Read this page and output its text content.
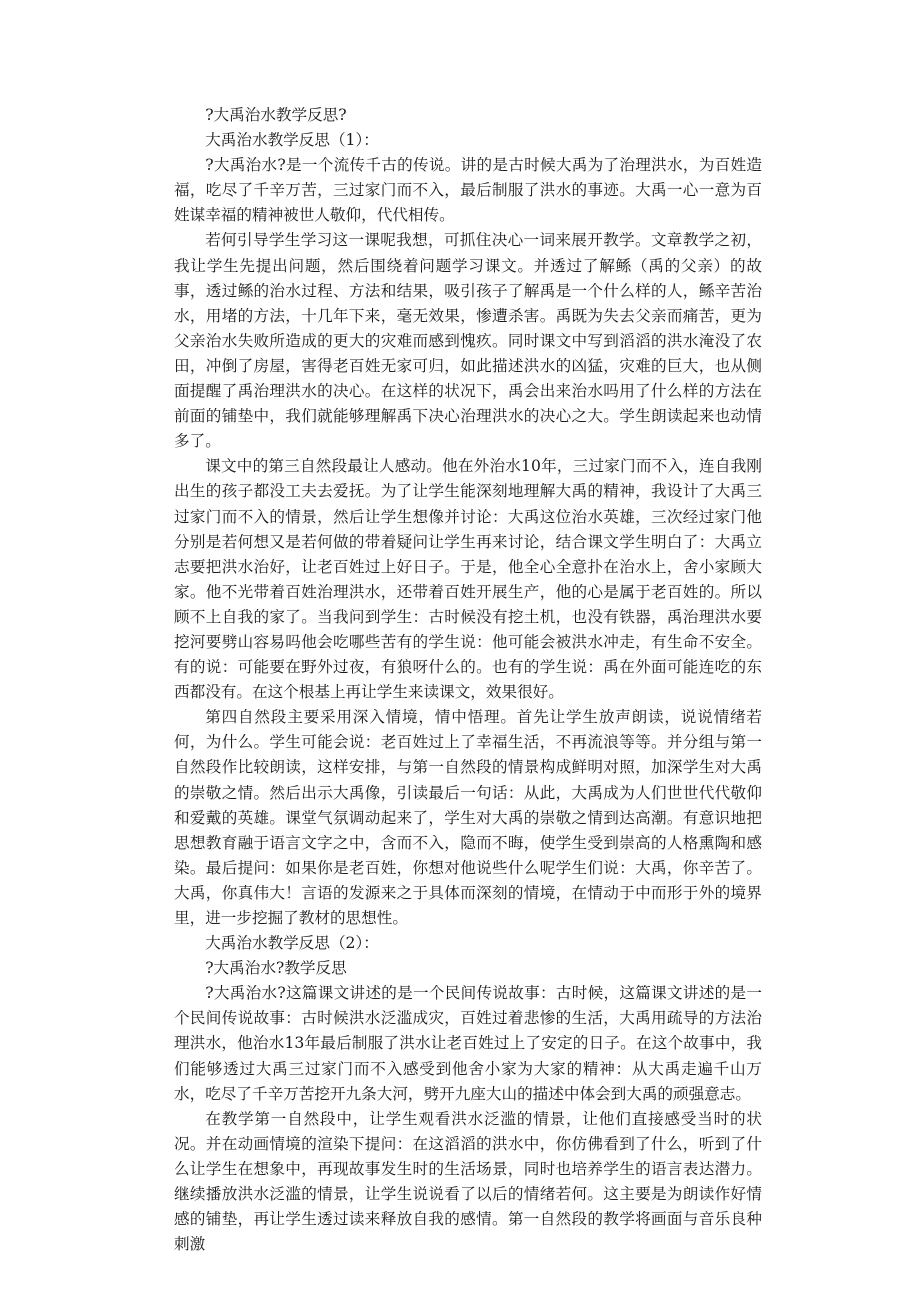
?大禹治水教学反思?

大禹治水教学反思（1）：

?大禹治水?是一个流传千古的传说。讲的是古时候大禹为了治理洪水，为百姓造福，吃尽了千辛万苦，三过家门而不入，最后制服了洪水的事迹。大禹一心一意为百姓谋幸福的精神被世人敬仰，代代相传。

若何引导学生学习这一课呢我想，可抓住决心一词来展开教学。文章教学之初，我让学生先提出问题，然后围绕着问题学习课文。并透过了解鲧（禹的父亲）的故事，透过鲧的治水过程、方法和结果，吸引孩子了解禹是一个什么样的人，鲧辛苦治水，用堵的方法，十几年下来，毫无效果，惨遭杀害。禹既为失去父亲而痛苦，更为父亲治水失败所造成的更大的灾难而感到愧疚。同时课文中写到滔滔的洪水淹没了农田，冲倒了房屋，害得老百姓无家可归，如此描述洪水的凶猛，灾难的巨大，也从侧面提醒了禹治理洪水的决心。在这样的状况下，禹会出来治水吗用了什么样的方法在前面的铺垫中，我们就能够理解禹下决心治理洪水的决心之大。学生朗读起来也动情多了。

课文中的第三自然段最让人感动。他在外治水10年，三过家门而不入，连自我刚出生的孩子都没工夫去爱抚。为了让学生能深刻地理解大禹的精神，我设计了大禹三过家门而不入的情景，然后让学生想像并讨论：大禹这位治水英雄，三次经过家门他分别是若何想又是若何做的带着疑问让学生再来讨论，结合课文学生明白了：大禹立志要把洪水治好，让老百姓过上好日子。于是，他全心全意扑在治水上，舍小家顾大家。他不光带着百姓治理洪水，还带着百姓开展生产，他的心是属于老百姓的。所以顾不上自我的家了。当我问到学生：古时候没有挖土机，也没有铁器，禹治理洪水要挖河要劈山容易吗他会吃哪些苦有的学生说：他可能会被洪水冲走，有生命不安全。有的说：可能要在野外过夜，有狼呀什么的。也有的学生说：禹在外面可能连吃的东西都没有。在这个根基上再让学生来读课文，效果很好。

第四自然段主要采用深入情境，情中悟理。首先让学生放声朗读，说说情绪若何，为什么。学生可能会说：老百姓过上了幸福生活，不再流浪等等。并分组与第一自然段作比较朗读，这样安排，与第一自然段的情景构成鲜明对照，加深学生对大禹的崇敬之情。然后出示大禹像，引读最后一句话：从此，大禹成为人们世世代代敬仰和爱戴的英雄。课堂气氛调动起来了，学生对大禹的崇敬之情到达高潮。有意识地把思想教育融于语言文字之中，含而不入，隐而不晦，使学生受到崇高的人格熏陶和感染。最后提问：如果你是老百姓，你想对他说些什么呢学生们说：大禹，你辛苦了。大禹，你真伟大！言语的发源来之于具体而深刻的情境，在情动于中而形于外的境界里，进一步挖掘了教材的思想性。

大禹治水教学反思（2）：

?大禹治水?教学反思

?大禹治水?这篇课文讲述的是一个民间传说故事：古时候，这篇课文讲述的是一个民间传说故事：古时候洪水泛滥成灾，百姓过着悲惨的生活，大禹用疏导的方法治理洪水，他治水13年最后制服了洪水让老百姓过上了安定的日子。在这个故事中，我们能够透过大禹三过家门而不入感受到他舍小家为大家的精神：从大禹走遍千山万水，吃尽了千辛万苦挖开九条大河，劈开九座大山的描述中体会到大禹的顽强意志。

在教学第一自然段中，让学生观看洪水泛滥的情景，让他们直接感受当时的状况。并在动画情境的渲染下提问：在这滔滔的洪水中，你仿佛看到了什么，听到了什么让学生在想象中，再现故事发生时的生活场景，同时也培养学生的语言表达潜力。继续播放洪水泛滥的情景，让学生说说看了以后的情绪若何。这主要是为朗读作好情感的铺垫，再让学生透过读来释放自我的感情。第一自然段的教学将画面与音乐良种刺激
